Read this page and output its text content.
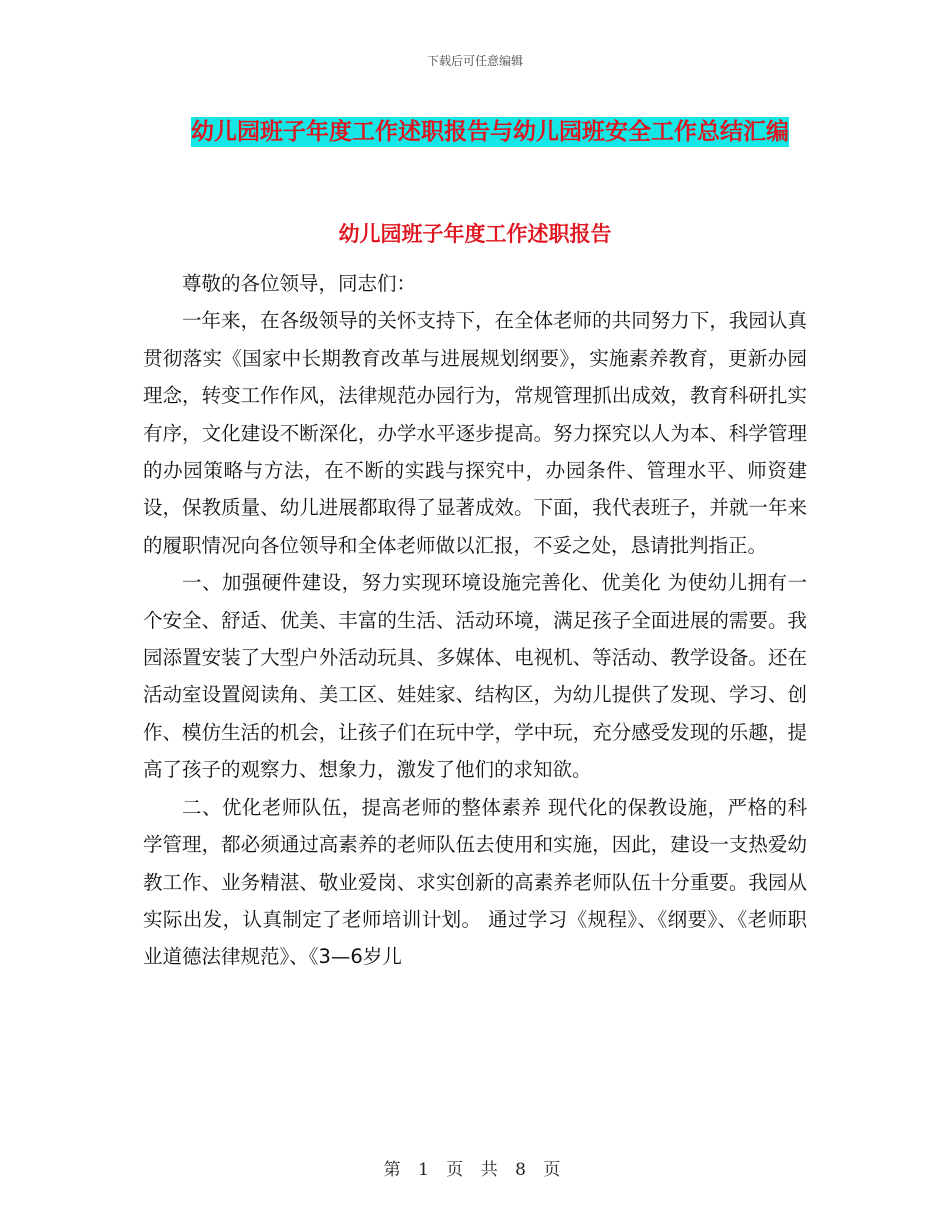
下载后可任意编辑
幼儿园班子年度工作述职报告与幼儿园班安全工作总结汇编
幼儿园班子年度工作述职报告

尊敬的各位领导，同志们：

一年来，在各级领导的关怀支持下，在全体老师的共同努力下，我园认真贯彻落实《国家中长期教育改革与进展规划纲要》，实施素养教育，更新办园理念，转变工作作风，法律规范办园行为，常规管理抓出成效，教育科研扎实有序，文化建设不断深化，办学水平逐步提高。努力探究以人为本、科学管理的办园策略与方法，在不断的实践与探究中，办园条件、管理水平、师资建设，保教质量、幼儿进展都取得了显著成效。下面，我代表班子，并就一年来的履职情况向各位领导和全体老师做以汇报，不妥之处，恳请批判指正。

一、加强硬件建设，努力实现环境设施完善化、优美化 为使幼儿拥有一个安全、舒适、优美、丰富的生活、活动环境，满足孩子全面进展的需要。我园添置安装了大型户外活动玩具、多媒体、电视机、等活动、教学设备。还在活动室设置阅读角、美工区、娃娃家、结构区，为幼儿提供了发现、学习、创作、模仿生活的机会，让孩子们在玩中学，学中玩，充分感受发现的乐趣，提高了孩子的观察力、想象力，激发了他们的求知欲。

二、优化老师队伍，提高老师的整体素养 现代化的保教设施，严格的科学管理，都必须通过高素养的老师队伍去使用和实施，因此，建设一支热爱幼教工作、业务精湛、敬业爱岗、求实创新的高素养老师队伍十分重要。我园从实际出发，认真制定了老师培训计划。 通过学习《规程》、《纲要》、《老师职业道德法律规范》、《3—6岁儿

第 1 页 共 8 页
